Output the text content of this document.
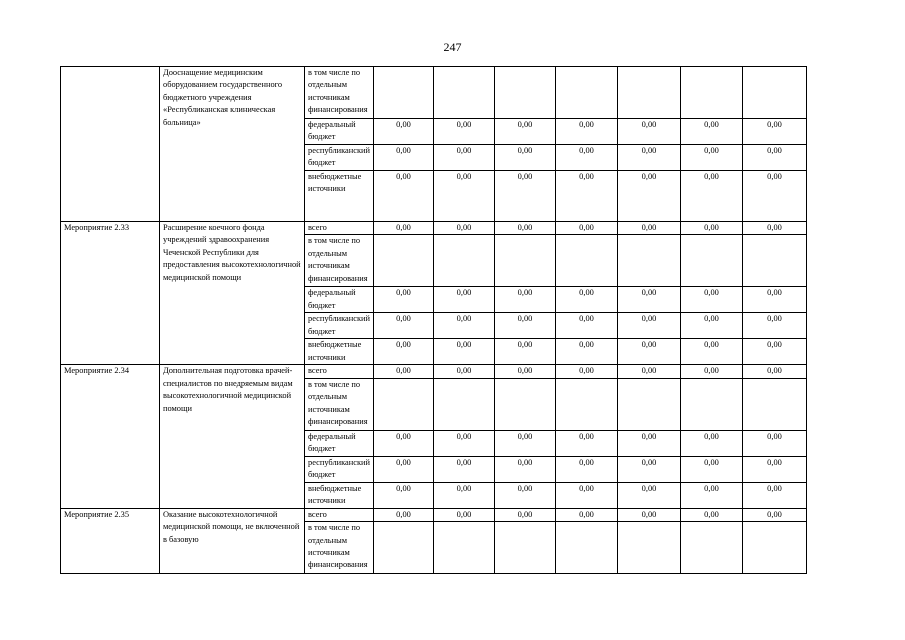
247
	Дооснащение медицинским оборудованием государственного бюджетного учреждения «Республиканская клиническая больница»	в том числе по отдельным источникам финансирования							
		федеральный бюджет	0,00	0,00	0,00	0,00	0,00	0,00	0,00
		республиканский бюджет	0,00	0,00	0,00	0,00	0,00	0,00	0,00
		внебюджетные источники	0,00	0,00	0,00	0,00	0,00	0,00	0,00
Мероприятие 2.33	Расширение коечного фонда учреждений здравоохранения Чеченской Республики для предоставления высокотехнологичной медицинской помощи	всего	0,00	0,00	0,00	0,00	0,00	0,00	0,00
		в том числе по отдельным источникам финансирования							
		федеральный бюджет	0,00	0,00	0,00	0,00	0,00	0,00	0,00
		республиканский бюджет	0,00	0,00	0,00	0,00	0,00	0,00	0,00
		внебюджетные источники	0,00	0,00	0,00	0,00	0,00	0,00	0,00
Мероприятие 2.34	Дополнительная подготовка врачей-специалистов по внедряемым видам высокотехнологичной медицинской помощи	всего	0,00	0,00	0,00	0,00	0,00	0,00	0,00
		в том числе по отдельным источникам финансирования							
		федеральный бюджет	0,00	0,00	0,00	0,00	0,00	0,00	0,00
		республиканский бюджет	0,00	0,00	0,00	0,00	0,00	0,00	0,00
		внебюджетные источники	0,00	0,00	0,00	0,00	0,00	0,00	0,00
Мероприятие 2.35	Оказание высокотехнологичной медицинской помощи, не включенной в базовую	всего	0,00	0,00	0,00	0,00	0,00	0,00	0,00
		в том числе по отдельным источникам финансирования							
